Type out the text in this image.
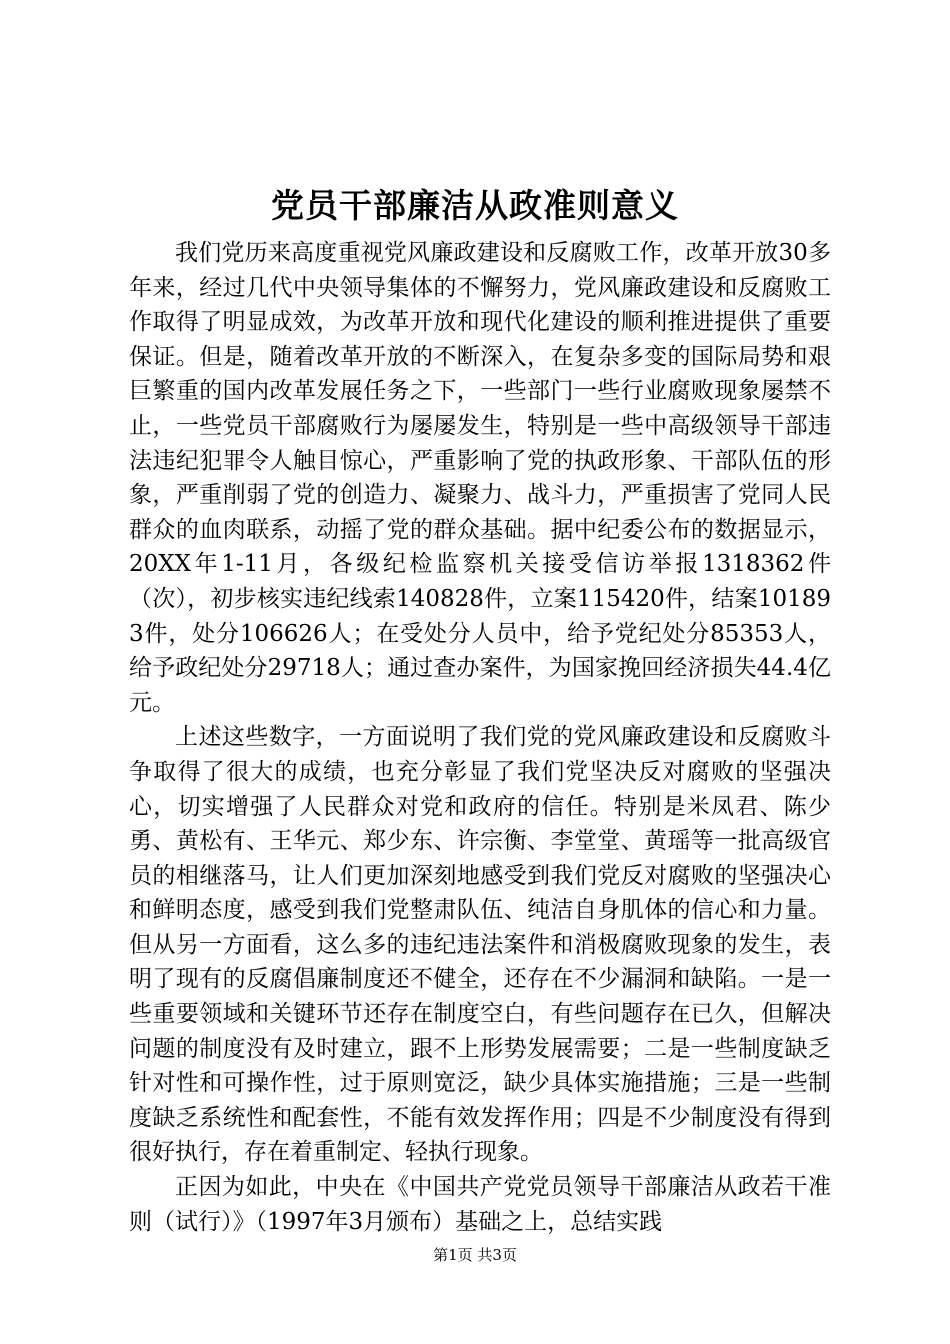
党员干部廉洁从政准则意义

我们党历来高度重视党风廉政建设和反腐败工作，改革开放30多年来，经过几代中央领导集体的不懈努力，党风廉政建设和反腐败工作取得了明显成效，为改革开放和现代化建设的顺利推进提供了重要保证。但是，随着改革开放的不断深入，在复杂多变的国际局势和艰巨繁重的国内改革发展任务之下，一些部门一些行业腐败现象屡禁不止，一些党员干部腐败行为屡屡发生，特别是一些中高级领导干部违法违纪犯罪令人触目惊心，严重影响了党的执政形象、干部队伍的形象，严重削弱了党的创造力、凝聚力、战斗力，严重损害了党同人民群众的血肉联系，动摇了党的群众基础。据中纪委公布的数据显示，20XX年1-11月，各级纪检监察机关接受信访举报1318362件（次），初步核实违纪线索140828件，立案115420件，结案101893件，处分106626人；在受处分人员中，给予党纪处分85353人，给予政纪处分29718人；通过查办案件，为国家挽回经济损失44.4亿元。

上述这些数字，一方面说明了我们党的党风廉政建设和反腐败斗争取得了很大的成绩，也充分彰显了我们党坚决反对腐败的坚强决心，切实增强了人民群众对党和政府的信任。特别是米凤君、陈少勇、黄松有、王华元、郑少东、许宗衡、李堂堂、黄瑶等一批高级官员的相继落马，让人们更加深刻地感受到我们党反对腐败的坚强决心和鲜明态度，感受到我们党整肃队伍、纯洁自身肌体的信心和力量。但从另一方面看，这么多的违纪违法案件和消极腐败现象的发生，表明了现有的反腐倡廉制度还不健全，还存在不少漏洞和缺陷。一是一些重要领域和关键环节还存在制度空白，有些问题存在已久，但解决问题的制度没有及时建立，跟不上形势发展需要；二是一些制度缺乏针对性和可操作性，过于原则宽泛，缺少具体实施措施；三是一些制度缺乏系统性和配套性，不能有效发挥作用；四是不少制度没有得到很好执行，存在着重制定、轻执行现象。

正因为如此，中央在《中国共产党党员领导干部廉洁从政若干准则（试行）》（1997年3月颁布）基础之上，总结实践

第1页 共3页
